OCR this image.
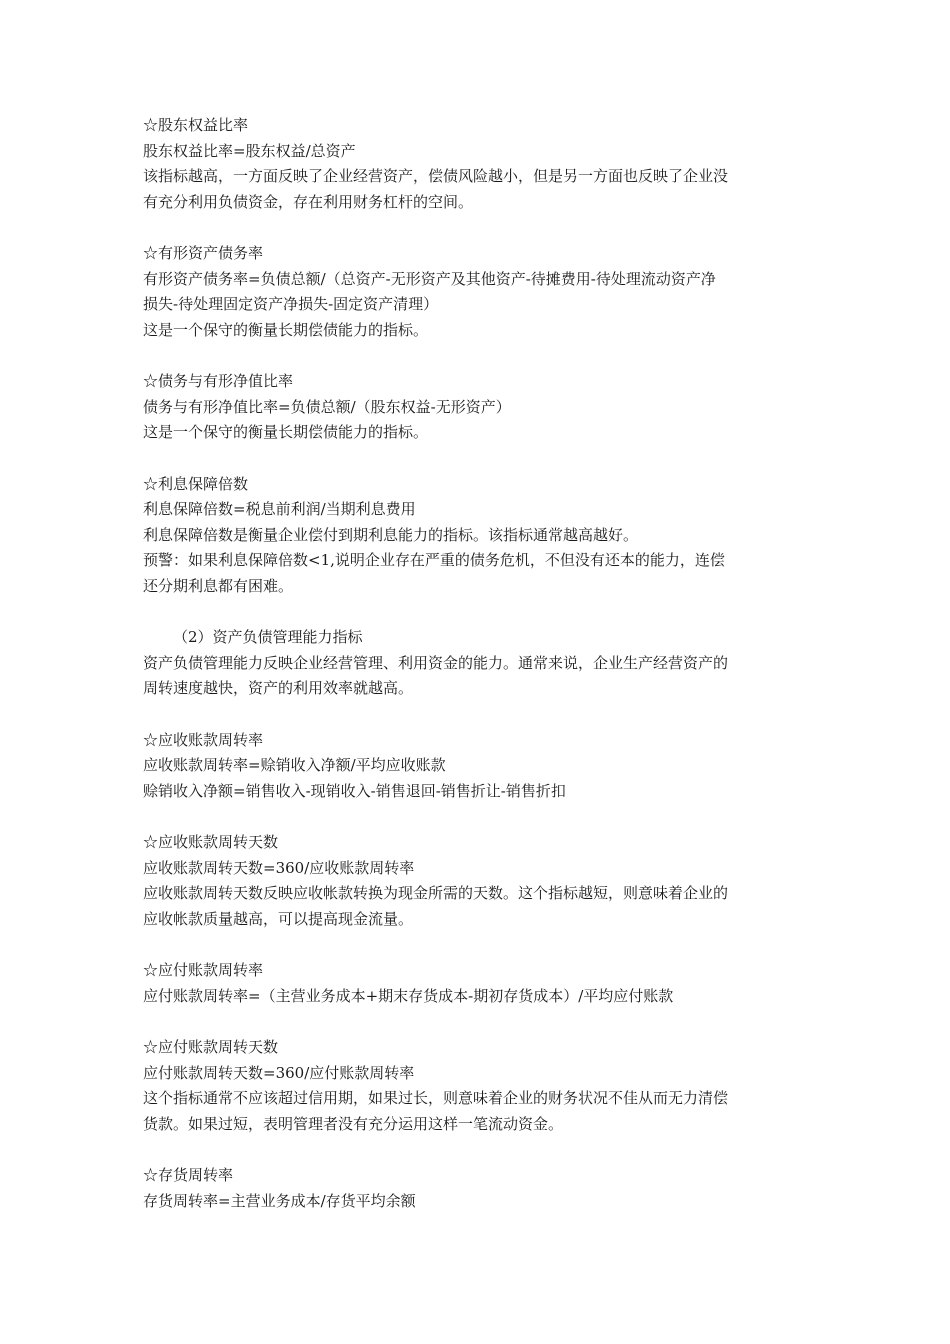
☆股东权益比率
股东权益比率=股东权益/总资产
该指标越高，一方面反映了企业经营资产，偿债风险越小，但是另一方面也反映了企业没
有充分利用负债资金，存在利用财务杠杆的空间。
☆有形资产债务率
有形资产债务率=负债总额/（总资产-无形资产及其他资产-待摊费用-待处理流动资产净
损失-待处理固定资产净损失-固定资产清理）
这是一个保守的衡量长期偿债能力的指标。
☆债务与有形净值比率
债务与有形净值比率=负债总额/（股东权益-无形资产）
这是一个保守的衡量长期偿债能力的指标。
☆利息保障倍数
利息保障倍数=税息前利润/当期利息费用
利息保障倍数是衡量企业偿付到期利息能力的指标。该指标通常越高越好。
预警：如果利息保障倍数<1,说明企业存在严重的债务危机，不但没有还本的能力，连偿
还分期利息都有困难。
（2）资产负债管理能力指标
资产负债管理能力反映企业经营管理、利用资金的能力。通常来说，企业生产经营资产的
周转速度越快，资产的利用效率就越高。
☆应收账款周转率
应收账款周转率=赊销收入净额/平均应收账款
赊销收入净额=销售收入-现销收入-销售退回-销售折让-销售折扣
☆应收账款周转天数
应收账款周转天数=360/应收账款周转率
应收账款周转天数反映应收帐款转换为现金所需的天数。这个指标越短，则意味着企业的
应收帐款质量越高，可以提高现金流量。
☆应付账款周转率
应付账款周转率=（主营业务成本+期末存货成本-期初存货成本）/平均应付账款
☆应付账款周转天数
应付账款周转天数=360/应付账款周转率
这个指标通常不应该超过信用期，如果过长，则意味着企业的财务状况不佳从而无力清偿
货款。如果过短，表明管理者没有充分运用这样一笔流动资金。
☆存货周转率
存货周转率=主营业务成本/存货平均余额
